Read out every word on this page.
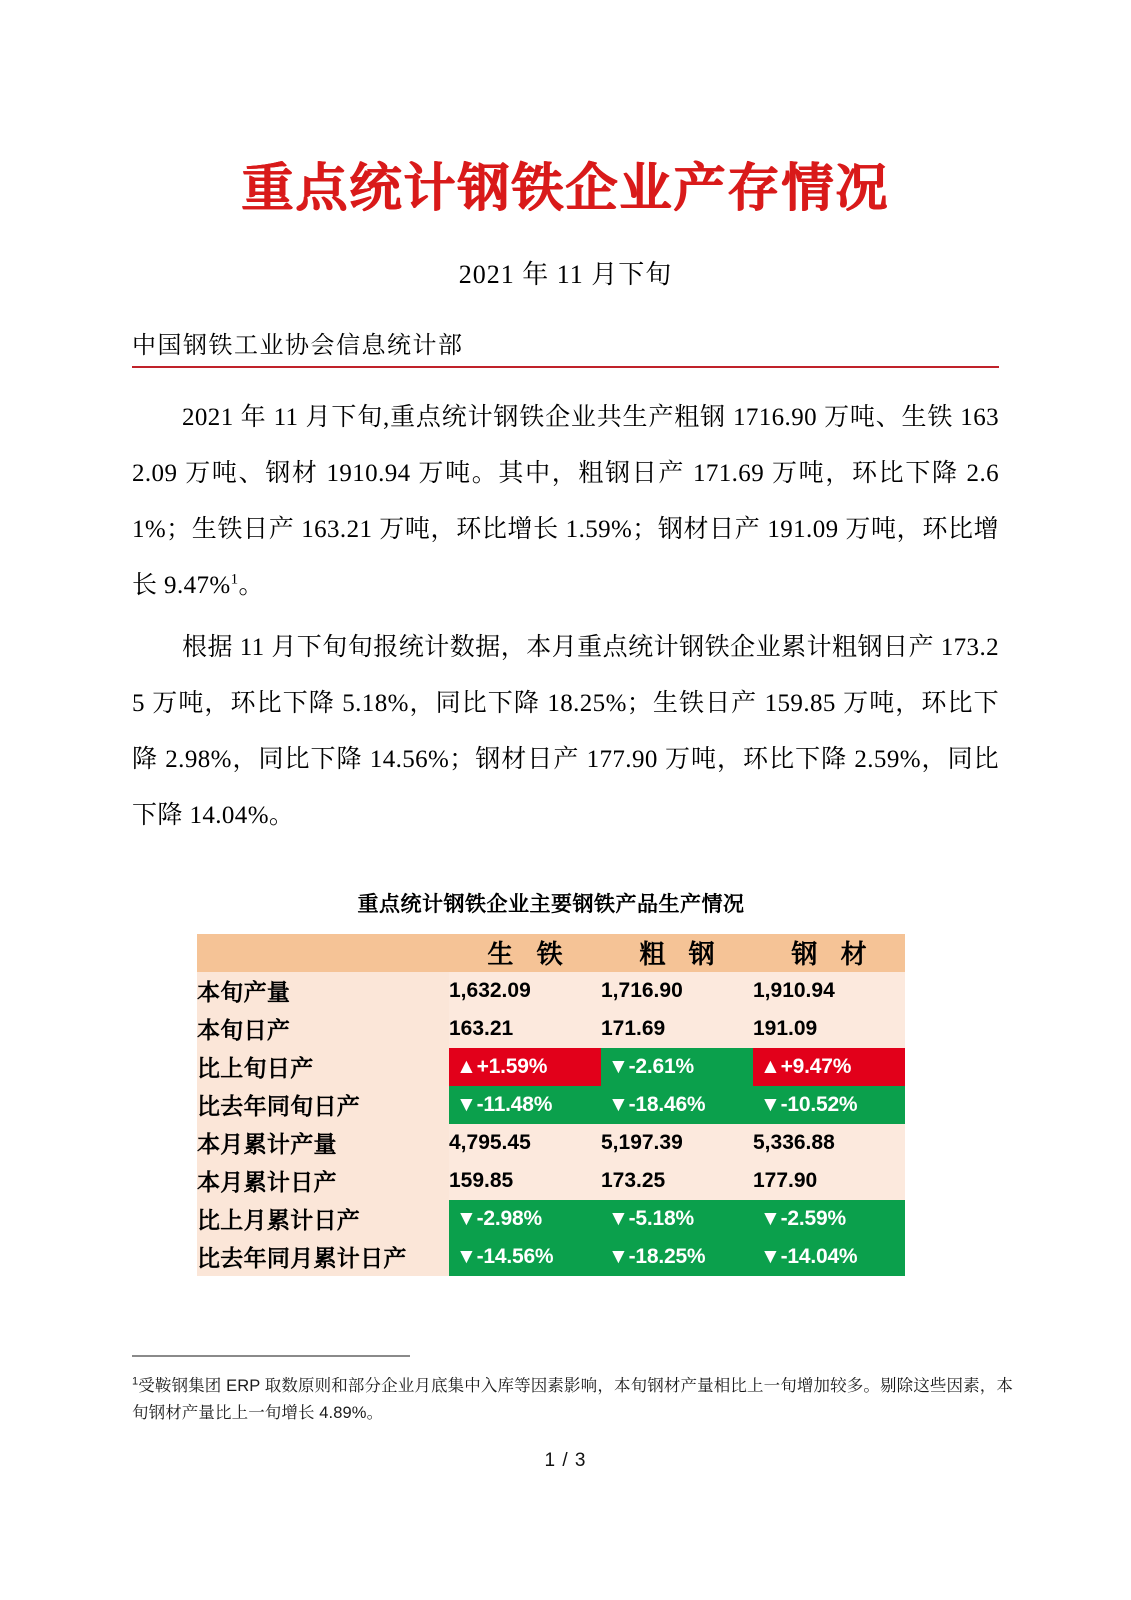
重点统计钢铁企业产存情况
2021 年 11 月下旬
中国钢铁工业协会信息统计部

2021 年 11 月下旬,重点统计钢铁企业共生产粗钢 1716.90 万吨、生铁 1632.09 万吨、钢材 1910.94 万吨。其中，粗钢日产 171.69 万吨，环比下降 2.61%；生铁日产 163.21 万吨，环比增长 1.59%；钢材日产 191.09 万吨，环比增长 9.47%$^1$。

根据 11 月下旬旬报统计数据，本月重点统计钢铁企业累计粗钢日产 173.25 万吨，环比下降 5.18%，同比下降 18.25%；生铁日产 159.85 万吨，环比下降 2.98%，同比下降 14.56%；钢材日产 177.90 万吨，环比下降 2.59%，同比下降 14.04%。

重点统计钢铁企业主要钢铁产品生产情况
	生 铁	粗 钢	钢 材
本旬产量	1,632.09	1,716.90	1,910.94
本旬日产	163.21	171.69	191.09
比上旬日产	▲+1.59%	▼-2.61%	▲+9.47%
比去年同旬日产	▼-11.48%	▼-18.46%	▼-10.52%
本月累计产量	4,795.45	5,197.39	5,336.88
本月累计日产	159.85	173.25	177.90
比上月累计日产	▼-2.98%	▼-5.18%	▼-2.59%
比去年同月累计日产	▼-14.56%	▼-18.25%	▼-14.04%
$^1$受鞍钢集团 ERP 取数原则和部分企业月底集中入库等因素影响，本旬钢材产量相比上一旬增加较多。剔除这些因素，本旬钢材产量比上一旬增长 4.89%。
1 / 3
